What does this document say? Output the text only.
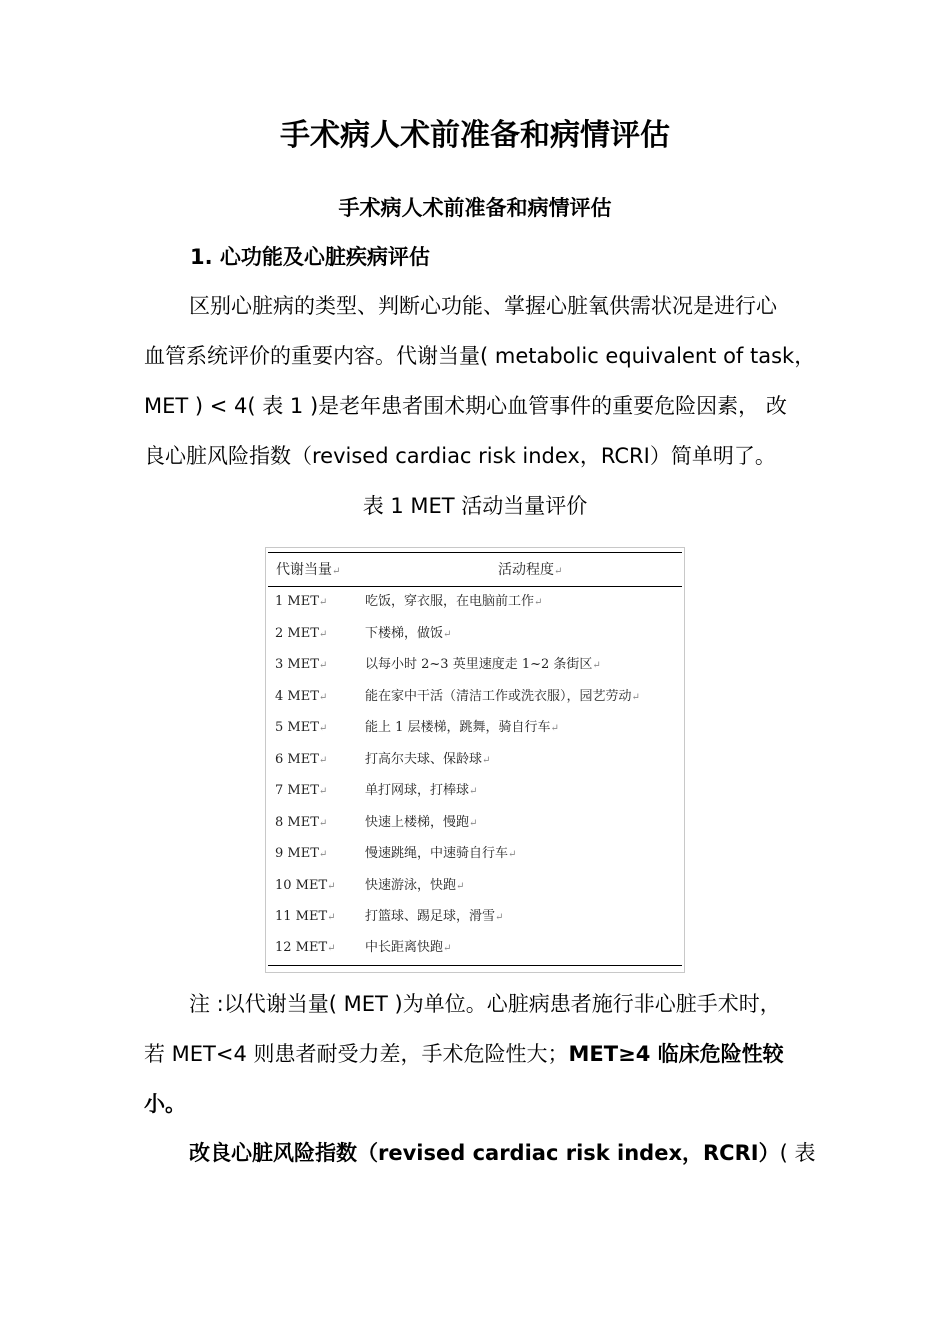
手术病人术前准备和病情评估
手术病人术前准备和病情评估
1. 心功能及心脏疾病评估
区别心脏病的类型、判断心功能、掌握心脏氧供需状况是进行心
血管系统评价的重要内容。代谢当量( metabolic equivalent of task，
MET ) < 4( 表 1 )是老年患者围术期心血管事件的重要危险因素， 改
良心脏风险指数（revised cardiac risk index，RCRI）简单明了。
表 1 MET 活动当量评价
代谢当量↵	活动程度↵
1 MET↵	吃饭，穿衣服，在电脑前工作↵
2 MET↵	下楼梯，做饭↵
3 MET↵	以每小时 2~3 英里速度走 1~2 条街区↵
4 MET↵	能在家中干活（清洁工作或洗衣服），园艺劳动↵
5 MET↵	能上 1 层楼梯，跳舞，骑自行车↵
6 MET↵	打高尔夫球、保龄球↵
7 MET↵	单打网球，打棒球↵
8 MET↵	快速上楼梯，慢跑↵
9 MET↵	慢速跳绳，中速骑自行车↵
10 MET↵ 快速游泳，快跑↵
11 MET↵ 打篮球、踢足球，滑雪↵
12 MET↵ 中长距离快跑↵
注 :以代谢当量( MET )为单位。心脏病患者施行非心脏手术时，
若 MET<4 则患者耐受力差，手术危险性大；MET≥4 临床危险性较
小。
改良心脏风险指数（revised cardiac risk index，RCRI）( 表
